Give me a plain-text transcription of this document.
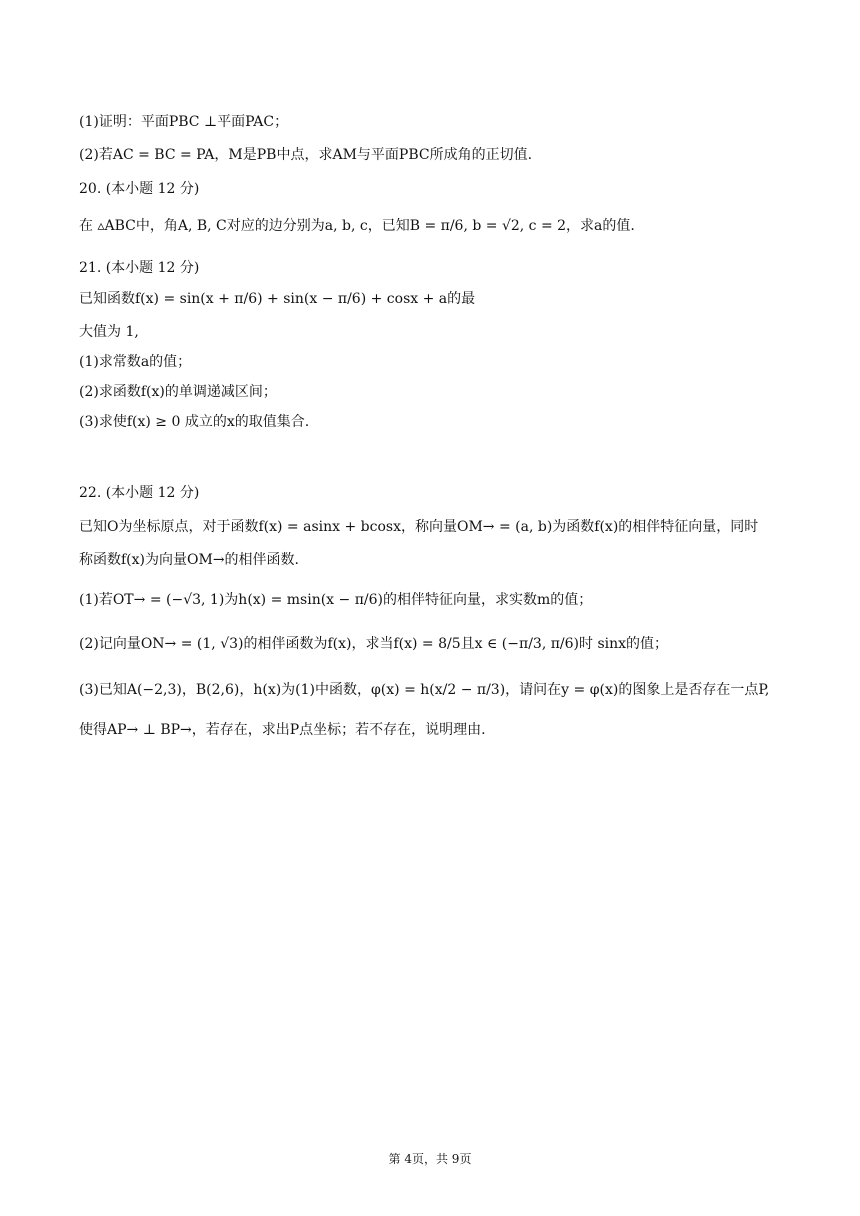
(1)证明：平面PBC ⊥平面PAC；
(2)若AC = BC = PA，M是PB中点，求AM与平面PBC所成角的正切值.
20. (本小题 12 分)
在 ▵ABC中，角A, B, C对应的边分别为a, b, c，已知B = π/6, b = √2, c = 2，求a的值.
21. (本小题 12 分)
已知函数f(x) = sin(x + π/6) + sin(x − π/6) + cosx + a的最
大值为 1,
(1)求常数a的值；
(2)求函数f(x)的单调递减区间；
(3)求使f(x) ≥ 0 成立的x的取值集合.
22. (本小题 12 分)
已知O为坐标原点，对于函数f(x) = asinx + bcosx，称向量OM→ = (a, b)为函数f(x)的相伴特征向量，同时
称函数f(x)为向量OM→的相伴函数.
(1)若OT→ = (−√3, 1)为h(x) = msin(x − π/6)的相伴特征向量，求实数m的值；
(2)记向量ON→ = (1, √3)的相伴函数为f(x)，求当f(x) = 8/5且x ∈ (−π/3, π/6)时 sinx的值；
(3)已知A(−2,3)，B(2,6)，h(x)为(1)中函数，φ(x) = h(x/2 − π/3)，请问在y = φ(x)的图象上是否存在一点P,
使得AP→ ⊥ BP→，若存在，求出P点坐标；若不存在，说明理由.
第 4页，共 9页
